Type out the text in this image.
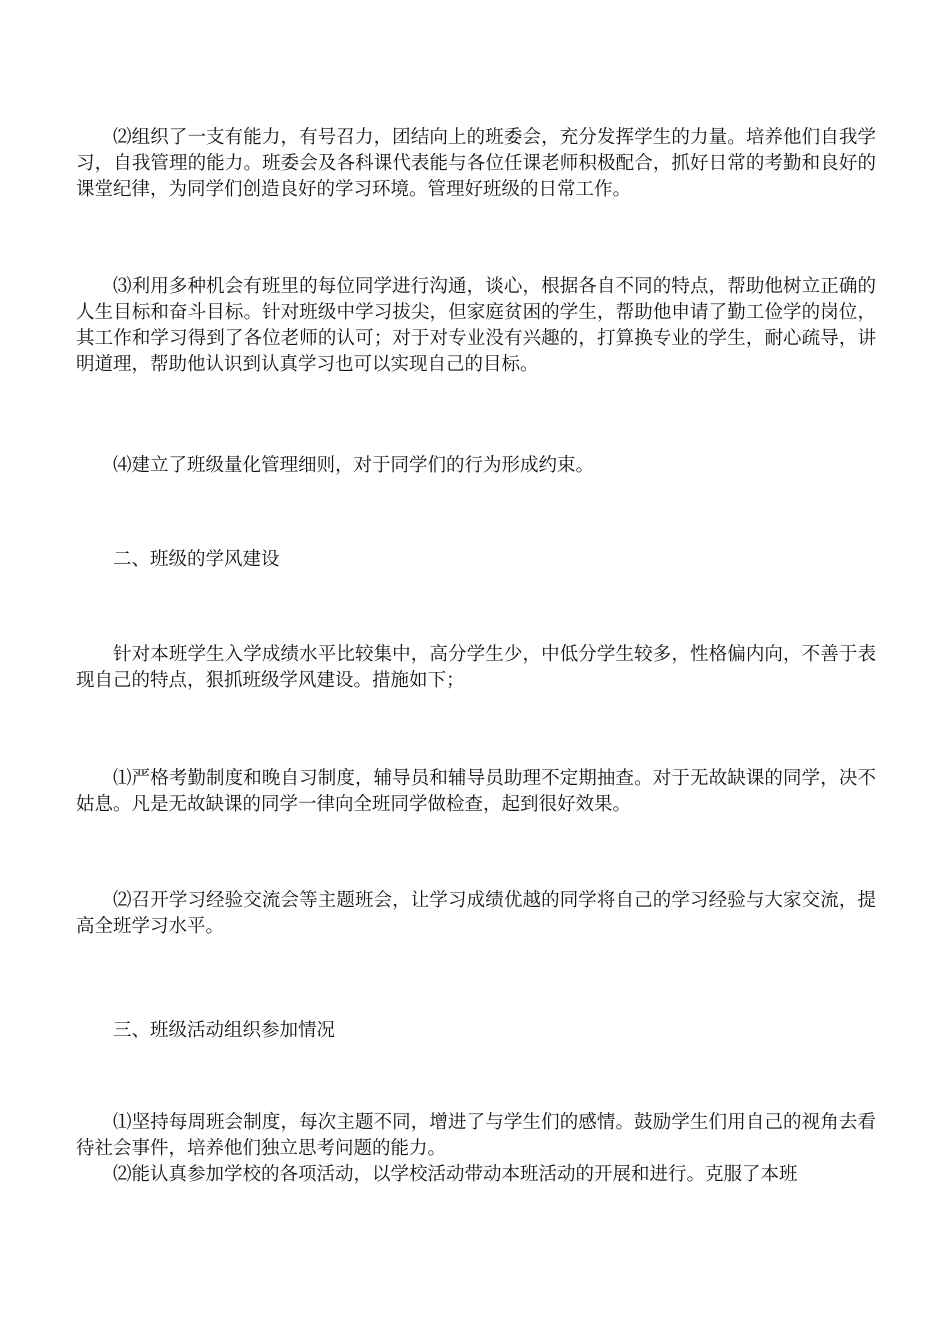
⑵组织了一支有能力，有号召力，团结向上的班委会，充分发挥学生的力量。培养他们自我学习，自我管理的能力。班委会及各科课代表能与各位任课老师积极配合，抓好日常的考勤和良好的课堂纪律，为同学们创造良好的学习环境。管理好班级的日常工作。

⑶利用多种机会有班里的每位同学进行沟通，谈心，根据各自不同的特点，帮助他树立正确的人生目标和奋斗目标。针对班级中学习拔尖，但家庭贫困的学生，帮助他申请了勤工俭学的岗位，其工作和学习得到了各位老师的认可；对于对专业没有兴趣的，打算换专业的学生，耐心疏导，讲明道理，帮助他认识到认真学习也可以实现自己的目标。

⑷建立了班级量化管理细则，对于同学们的行为形成约束。

二、班级的学风建设

针对本班学生入学成绩水平比较集中，高分学生少，中低分学生较多，性格偏内向，不善于表现自己的特点，狠抓班级学风建设。措施如下；

⑴严格考勤制度和晚自习制度，辅导员和辅导员助理不定期抽查。对于无故缺课的同学，决不姑息。凡是无故缺课的同学一律向全班同学做检查，起到很好效果。

⑵召开学习经验交流会等主题班会，让学习成绩优越的同学将自己的学习经验与大家交流，提高全班学习水平。

三、班级活动组织参加情况

⑴坚持每周班会制度，每次主题不同，增进了与学生们的感情。鼓励学生们用自己的视角去看待社会事件，培养他们独立思考问题的能力。

⑵能认真参加学校的各项活动，以学校活动带动本班活动的开展和进行。克服了本班
